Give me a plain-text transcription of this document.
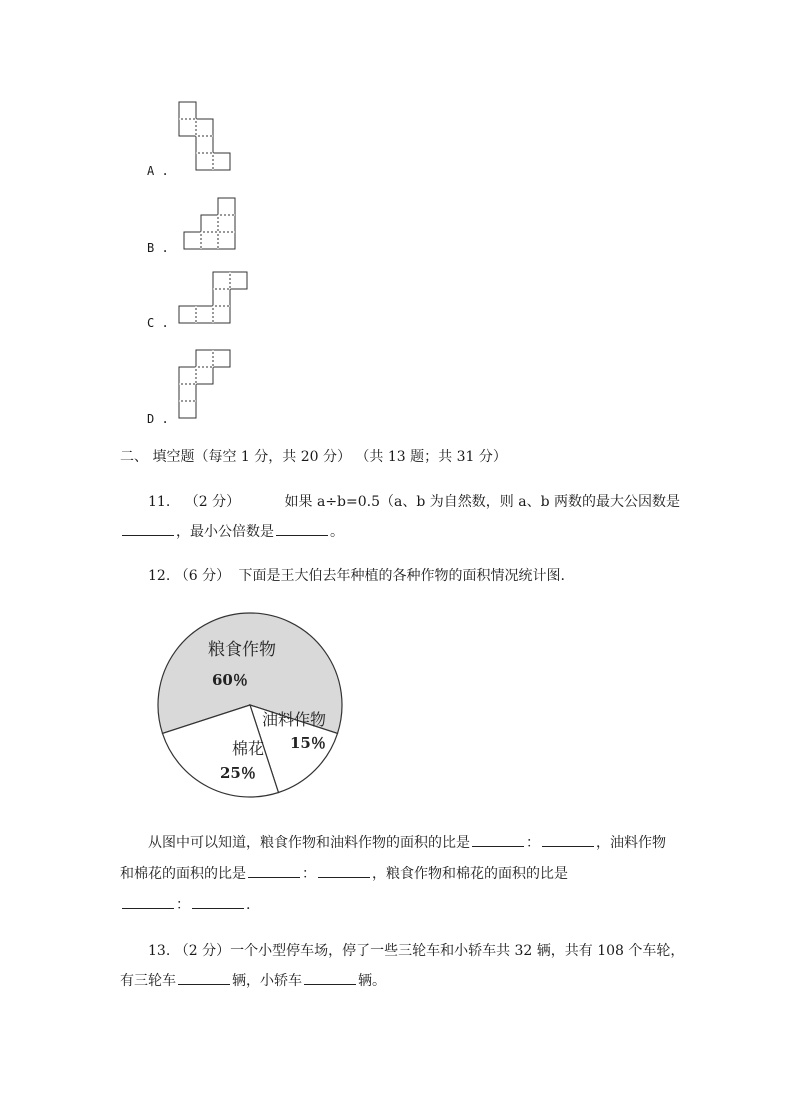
A .
B .
C .
D .
二、 填空题（每空 1 分，共 20 分） （共 13 题；共 31 分）
11. （2 分）	如果 a÷b=0.5（a、b 为自然数，则 a、b 两数的最大公因数是
，最小公倍数是	。
12. （6 分） 下面是王大伯去年种植的各种作物的面积情况统计图.
粮食作物
60％
油料作物
15％
棉花
25％
从图中可以知道，粮食作物和油料作物的面积的比是	：	，油料作物
和棉花的面积的比是	：	，粮食作物和棉花的面积的比是
：	.
13. （2 分）一个小型停车场，停了一些三轮车和小轿车共 32 辆，共有 108 个车轮，
有三轮车	辆，小轿车	辆。
